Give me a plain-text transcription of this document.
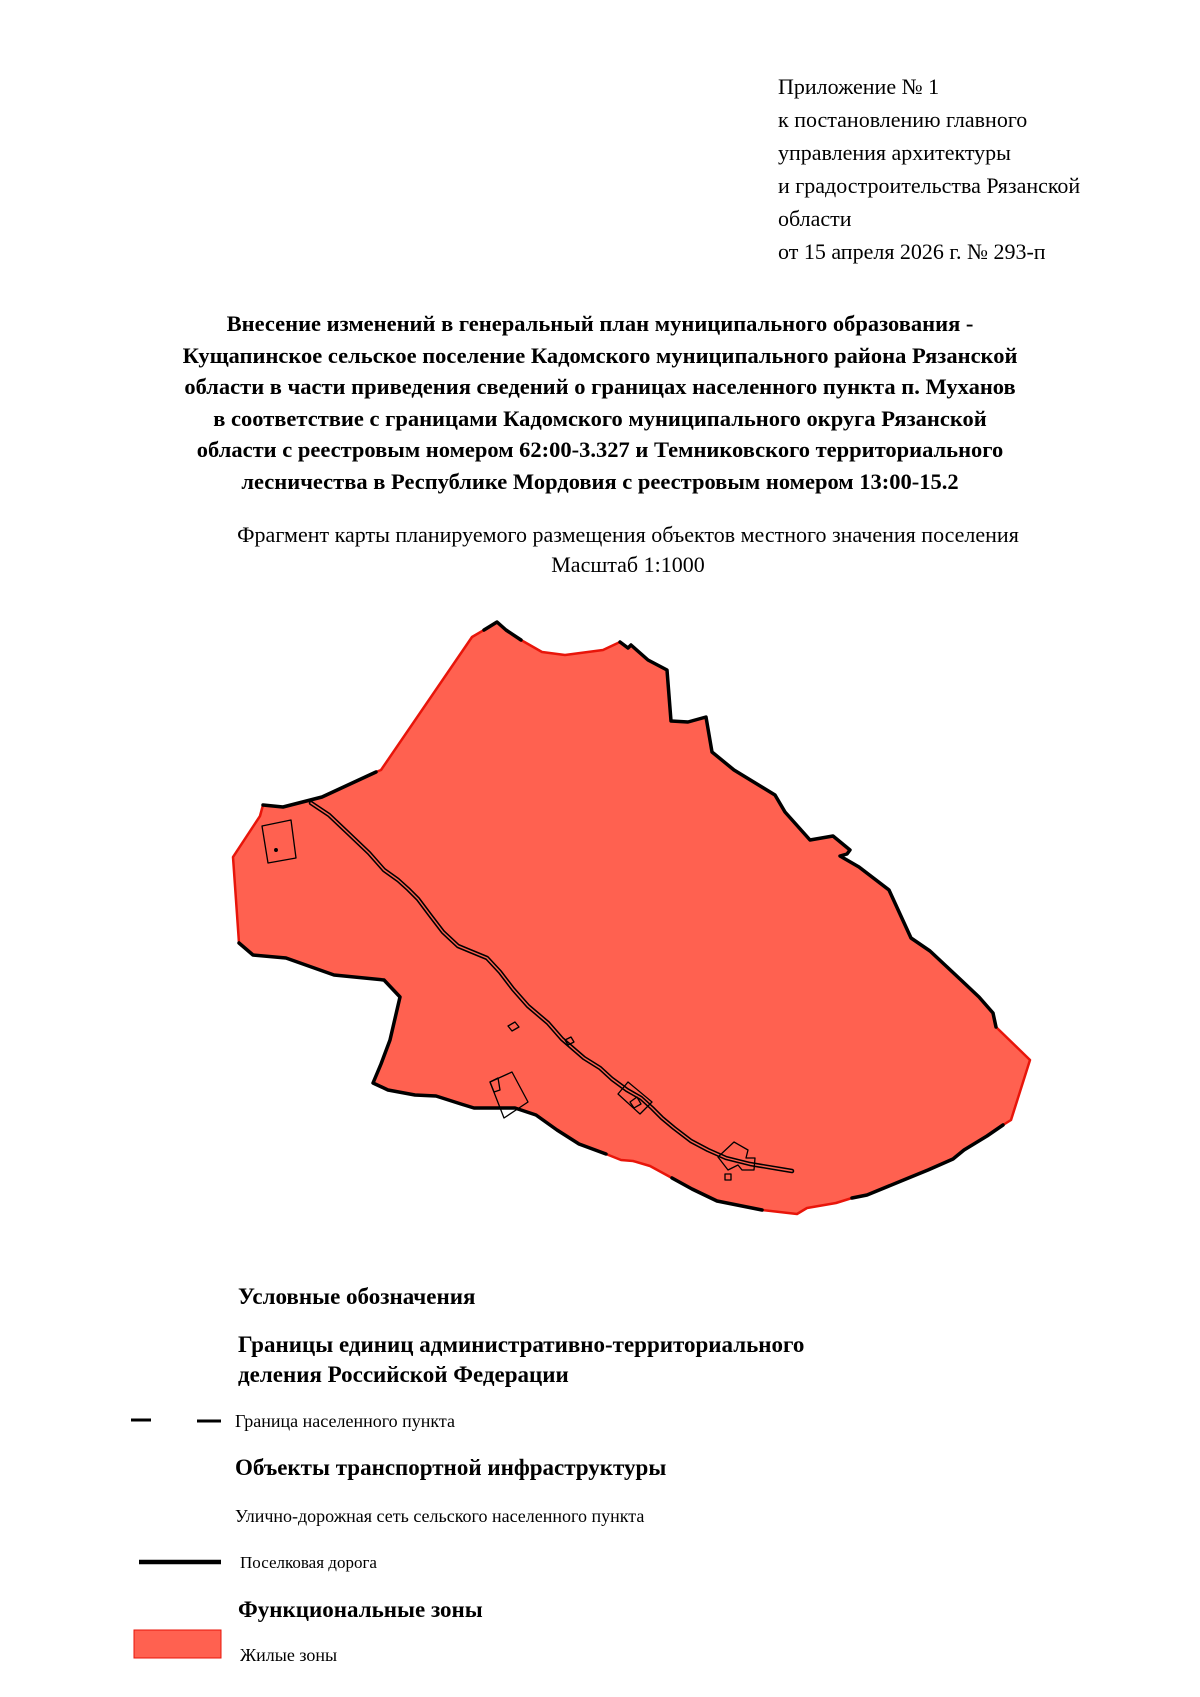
Приложение № 1
к постановлению главного
управления архитектуры
и градостроительства Рязанской
области
от 15 апреля 2026 г. № 293-п
Внесение изменений в генеральный план муниципального образования -
Кущапинское сельское поселение Кадомского муниципального района Рязанской
области в части приведения сведений о границах населенного пункта п. Муханов
в соответствие с границами Кадомского муниципального округа Рязанской
области с реестровым номером 62:00-3.327 и Темниковского территориального
лесничества в Республике Мордовия с реестровым номером 13:00-15.2
Фрагмент карты планируемого размещения объектов местного значения поселения
Масштаб 1:1000
Условные обозначения
Границы единиц административно-территориального
деления Российской Федерации
Граница населенного пункта
Объекты транспортной инфраструктуры
Улично-дорожная сеть сельского населенного пункта
Поселковая дорога
Функциональные зоны
Жилые зоны
